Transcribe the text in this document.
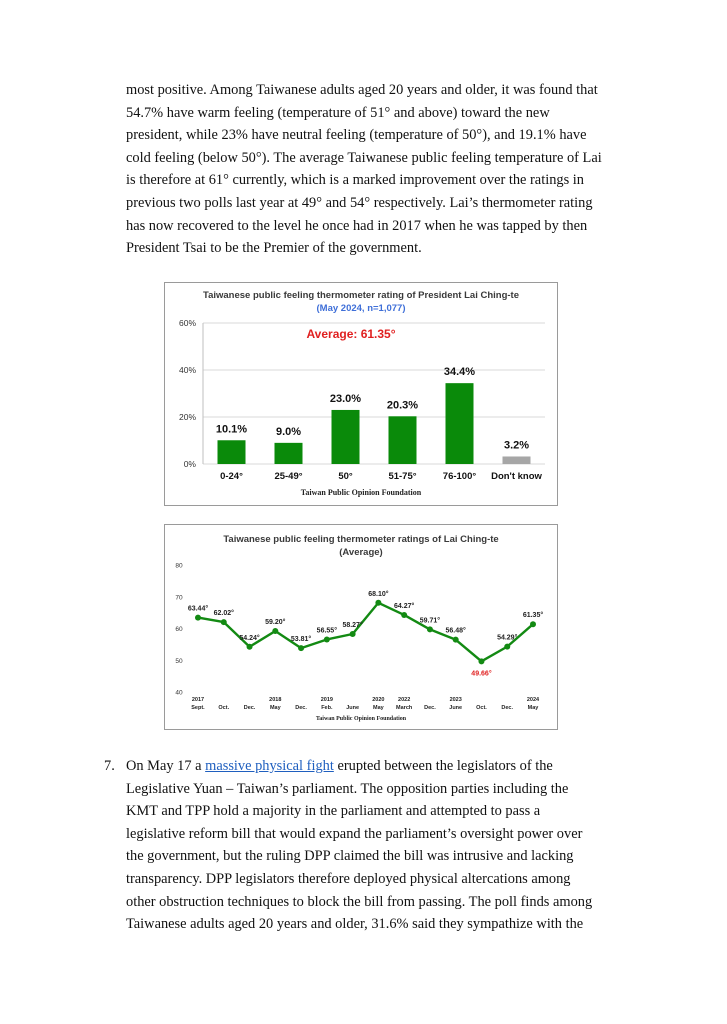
most positive. Among Taiwanese adults aged 20 years and older, it was found that
54.7% have warm feeling (temperature of 51° and above) toward the new
president, while 23% have neutral feeling (temperature of 50°), and 19.1% have
cold feeling (below 50°). The average Taiwanese public feeling temperature of Lai
is therefore at 61° currently, which is a marked improvement over the ratings in
previous two polls last year at 49° and 54° respectively. Lai’s thermometer rating
has now recovered to the level he once had in 2017 when he was tapped by then
President Tsai to be the Premier of the government.
Taiwanese public feeling thermometer rating of President Lai Ching-te
(May 2024, n=1,077)
0%
20%
40%
60%
10.1%
0-24°
9.0%
25-49°
23.0%
50°
20.3%
51-75°
34.4%
76-100°
3.2%
Don't know
Average: 61.35°
Taiwan Public Opinion Foundation
Taiwanese public feeling thermometer ratings of Lai Ching-te
(Average)
40
50
60
70
80
63.44°
2017
Sept.
62.02°
Oct.
54.24°
Dec.
59.20°
2018
May
53.81°
Dec.
56.55°
2019
Feb.
58.27°
June
68.10°
2020
May
64.27°
2022
March
59.71°
Dec.
56.48°
2023
June
49.66°
Oct.
54.29°
Dec.
61.35°
2024
May
Taiwan Public Opinion Foundation
7. On May 17 a massive physical fight erupted between the legislators of the
Legislative Yuan – Taiwan’s parliament. The opposition parties including the
KMT and TPP hold a majority in the parliament and attempted to pass a
legislative reform bill that would expand the parliament’s oversight power over
the government, but the ruling DPP claimed the bill was intrusive and lacking
transparency. DPP legislators therefore deployed physical altercations among
other obstruction techniques to block the bill from passing. The poll finds among
Taiwanese adults aged 20 years and older, 31.6% said they sympathize with the
